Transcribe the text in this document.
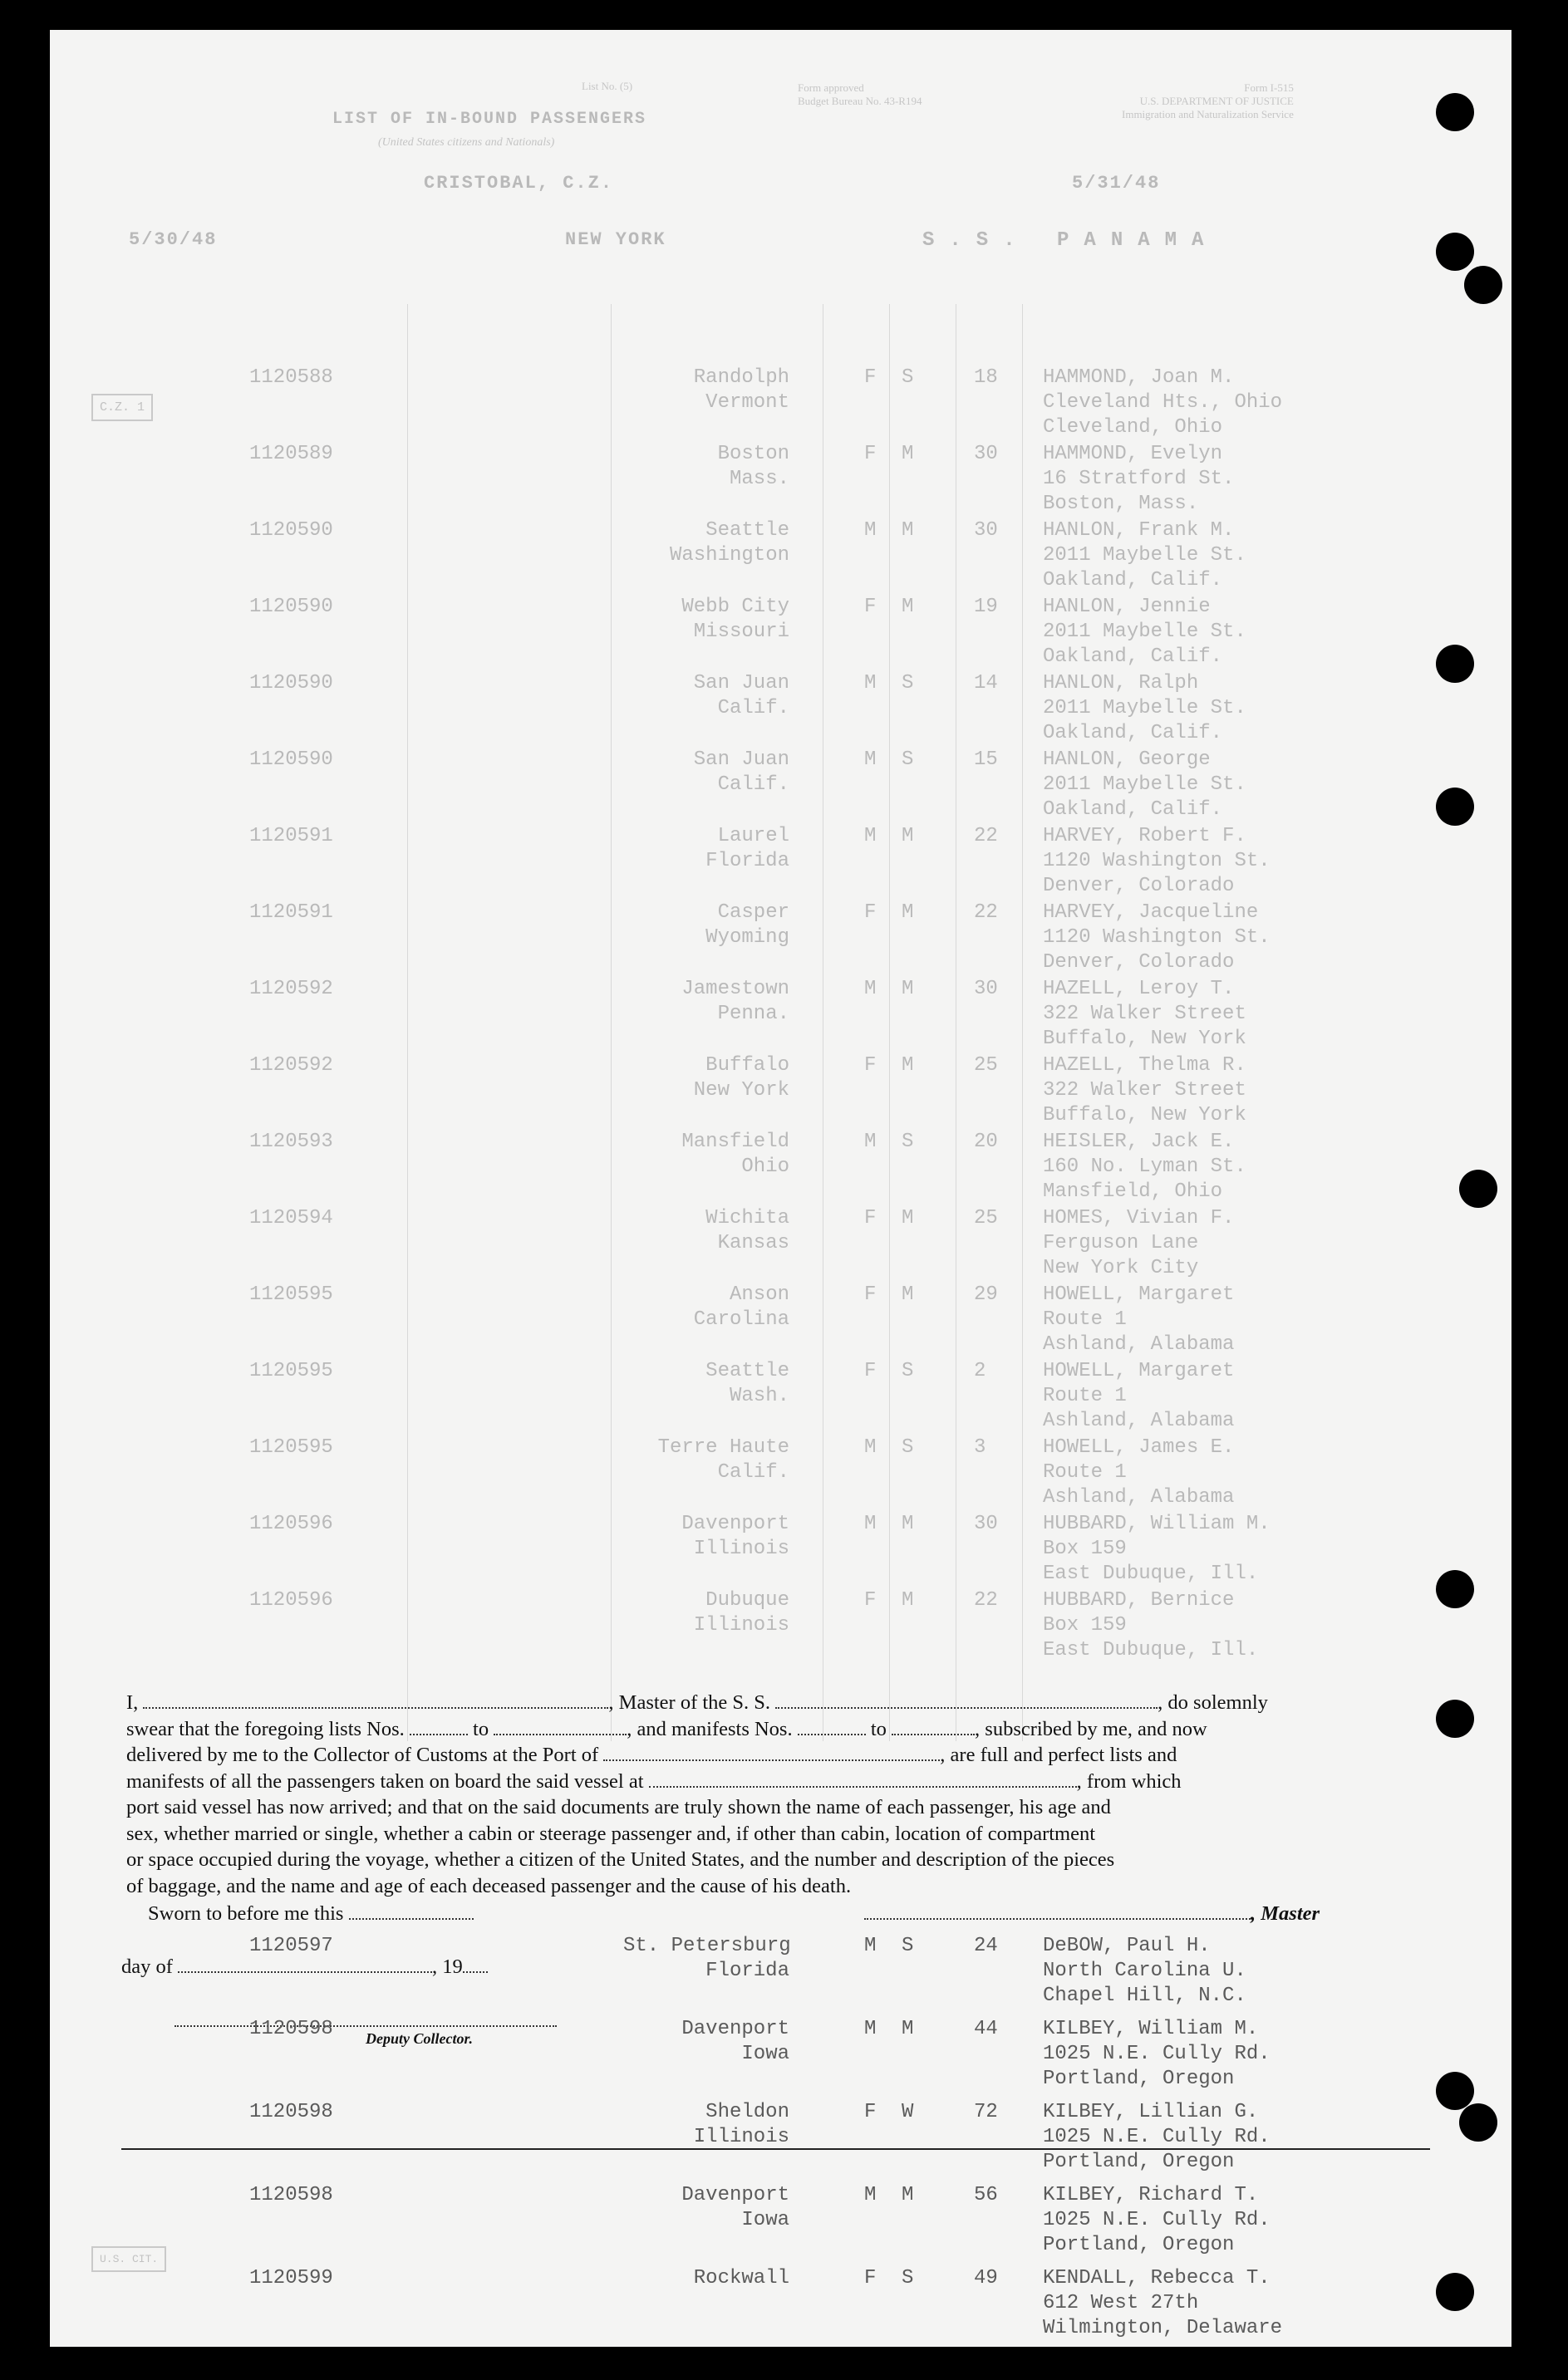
LIST OF IN-BOUND PASSENGERS
(United States citizens and Nationals)
List No. (5)	Form approved
Budget Bureau No. 43-R194
Form I-515
U.S. DEPARTMENT OF JUSTICE
Immigration and Naturalization Service
CRISTOBAL, C.Z.	5/31/48
5/30/48	NEW YORK	S.S. PANAMA
C.Z. 1
U.S. CIT.
1120588	Randolph
Vermont
F S	18 HAMMOND, Joan M.
Cleveland Hts., Ohio
Cleveland, Ohio
1120589	Boston
Mass.
F M	30 HAMMOND, Evelyn
16 Stratford St.
Boston, Mass.
1120590	Seattle
Washington
M M	30 HANLON, Frank M.
2011 Maybelle St.
Oakland, Calif.
1120590	Webb City
Missouri
F M	19 HANLON, Jennie
2011 Maybelle St.
Oakland, Calif.
1120590	San Juan
Calif.
M S	14 HANLON, Ralph
2011 Maybelle St.
Oakland, Calif.
1120590	San Juan
Calif.
M S	15 HANLON, George
2011 Maybelle St.
Oakland, Calif.
1120591	Laurel
Florida
M M	22 HARVEY, Robert F.
1120 Washington St.
Denver, Colorado
1120591	Casper
Wyoming
F M	22 HARVEY, Jacqueline
1120 Washington St.
Denver, Colorado
1120592	Jamestown
Penna.
M M	30 HAZELL, Leroy T.
322 Walker Street
Buffalo, New York
1120592	Buffalo
New York
F M	25 HAZELL, Thelma R.
322 Walker Street
Buffalo, New York
1120593	Mansfield
Ohio
M S	20 HEISLER, Jack E.
160 No. Lyman St.
Mansfield, Ohio
1120594	Wichita
Kansas
F M	25 HOMES, Vivian F.
Ferguson Lane
New York City
1120595	Anson
Carolina
F M	29 HOWELL, Margaret
Route 1
Ashland, Alabama
1120595	Seattle
Wash.
F S	2	HOWELL, Margaret
Route 1
Ashland, Alabama
1120595	Terre Haute
Calif.
M S	3	HOWELL, James E.
Route 1
Ashland, Alabama
1120596	Davenport
Illinois
M M	30 HUBBARD, William M.
Box 159
East Dubuque, Ill.
1120596	Dubuque
Illinois
F M	22 HUBBARD, Bernice
Box 159
East Dubuque, Ill.
I,	, Master of the S. S.	, do solemnly
swear that the foregoing lists Nos.	to	, and manifests Nos.	to	, subscribed by me, and now
delivered by me to the Collector of Customs at the Port of	, are full and perfect lists and
manifests of all the passengers taken on board the said vessel at	, from which
port said vessel has now arrived; and that on the said documents are truly shown the name of each passenger, his age and
sex, whether married or single, whether a cabin or steerage passenger and, if other than cabin, location of compartment
or space occupied during the voyage, whether a citizen of the United States, and the number and description of the pieces
of baggage, and the name and age of each deceased passenger and the cause of his death.
Sworn to before me this	, Master
day of	, 19
Deputy Collector.
1120597	St. Petersburg
Florida
M S	24 DeBOW, Paul H.
North Carolina U.
Chapel Hill, N.C.
1120598	Davenport
Iowa
M M	44 KILBEY, William M.
1025 N.E. Cully Rd.
Portland, Oregon
1120598	Sheldon
Illinois
F W	72 KILBEY, Lillian G.
1025 N.E. Cully Rd.
Portland, Oregon
1120598	Davenport
Iowa
M M	56 KILBEY, Richard T.
1025 N.E. Cully Rd.
Portland, Oregon
1120599	Rockwall	F S	49 KENDALL, Rebecca T.
612 West 27th
Wilmington, Delaware
